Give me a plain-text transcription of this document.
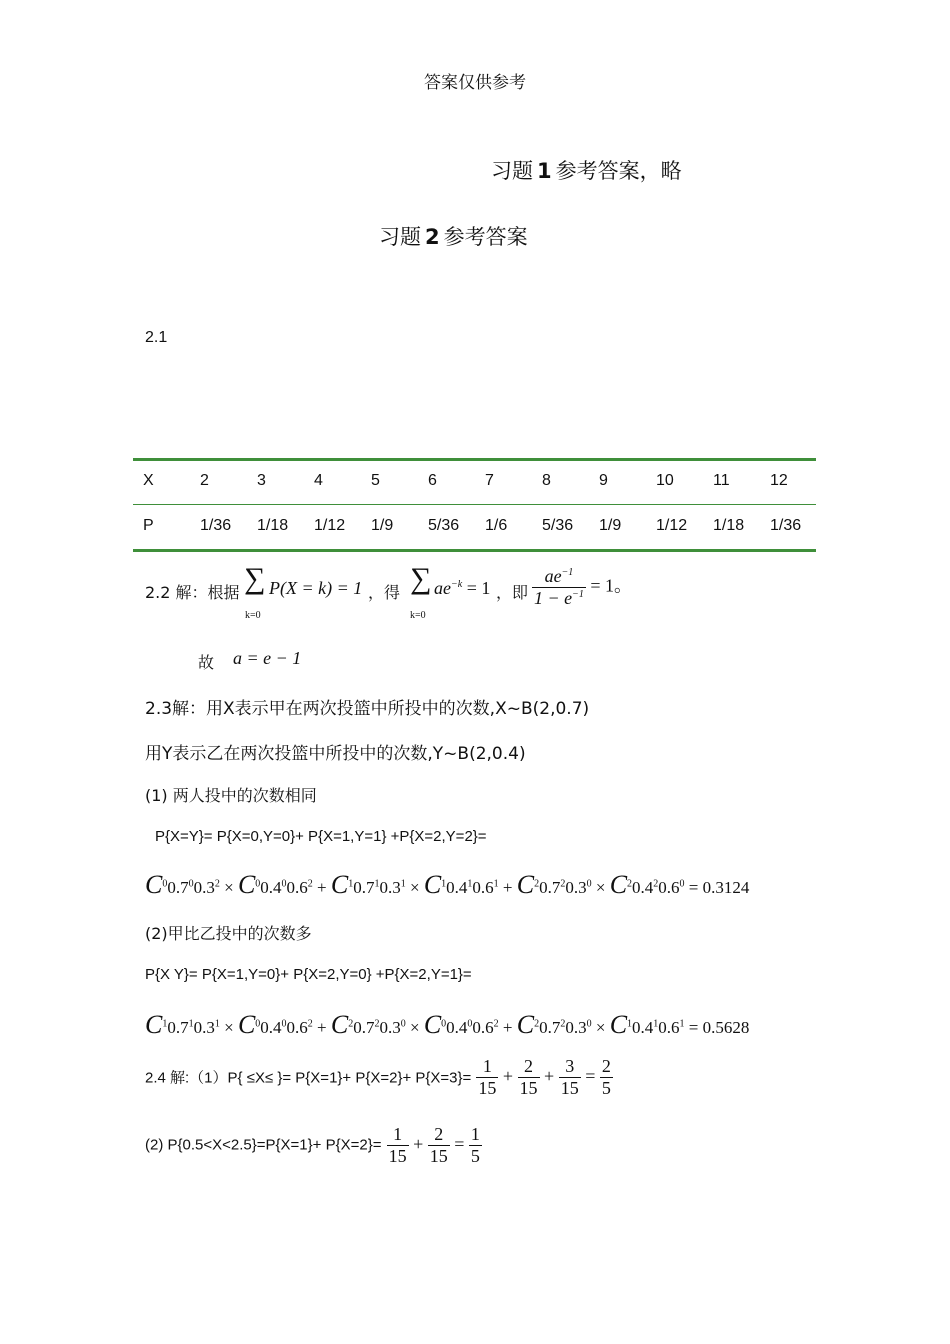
答案仅供参考
习题 1 参考答案，略
习题 2 参考答案
2.1
X	2	3	4	5	6	7	8	9	10	11	12
P	1/36	1/18	1/12	1/9	5/36	1/6	5/36	1/9	1/12	1/18	1/36
2.2 解：根据 ∑
k=0
P(X = k) = 1 ，得 ∑
k=0
$ae^{-k} = 1$ ，即 $\frac{ae^{-1}}{1 - e^{-1}} = 1$。
故 a = e − 1
2.3解：用X表示甲在两次投篮中所投中的次数,X~B(2,0.7)
用Y表示乙在两次投篮中所投中的次数,Y~B(2,0.4)
(1) 两人投中的次数相同
P{X=Y}= P{X=0,Y=0}+ P{X=1,Y=1} +P{X=2,Y=2}=
$C^00.7^00.3^2 \times C^00.4^00.6^2 + C^10.7^10.3^1 \times C^10.4^10.6^1 + C^20.7^20.3^0 \times C^20.4^20.6^0 = 0.3124$
(2)甲比乙投中的次数多
P{X Y}= P{X=1,Y=0}+ P{X=2,Y=0} +P{X=2,Y=1}=
$C^10.7^10.3^1 \times C^00.4^00.6^2 + C^20.7^20.3^0 \times C^00.4^00.6^2 + C^20.7^20.3^0 \times C^10.4^10.6^1 = 0.5628$
2.4 解:（1）P{ ≤X≤ }= $P\{X=1\}+ P\{X=2\}+ P\{X=3\}= \frac{1}{15} + \frac{2}{15} + \frac{3}{15} = \frac{2}{5}$
(2) $P\{0.5<X<2.5\}=P\{X=1\}+ P\{X=2\}= \frac{1}{15} + \frac{2}{15} = \frac{1}{5}$
